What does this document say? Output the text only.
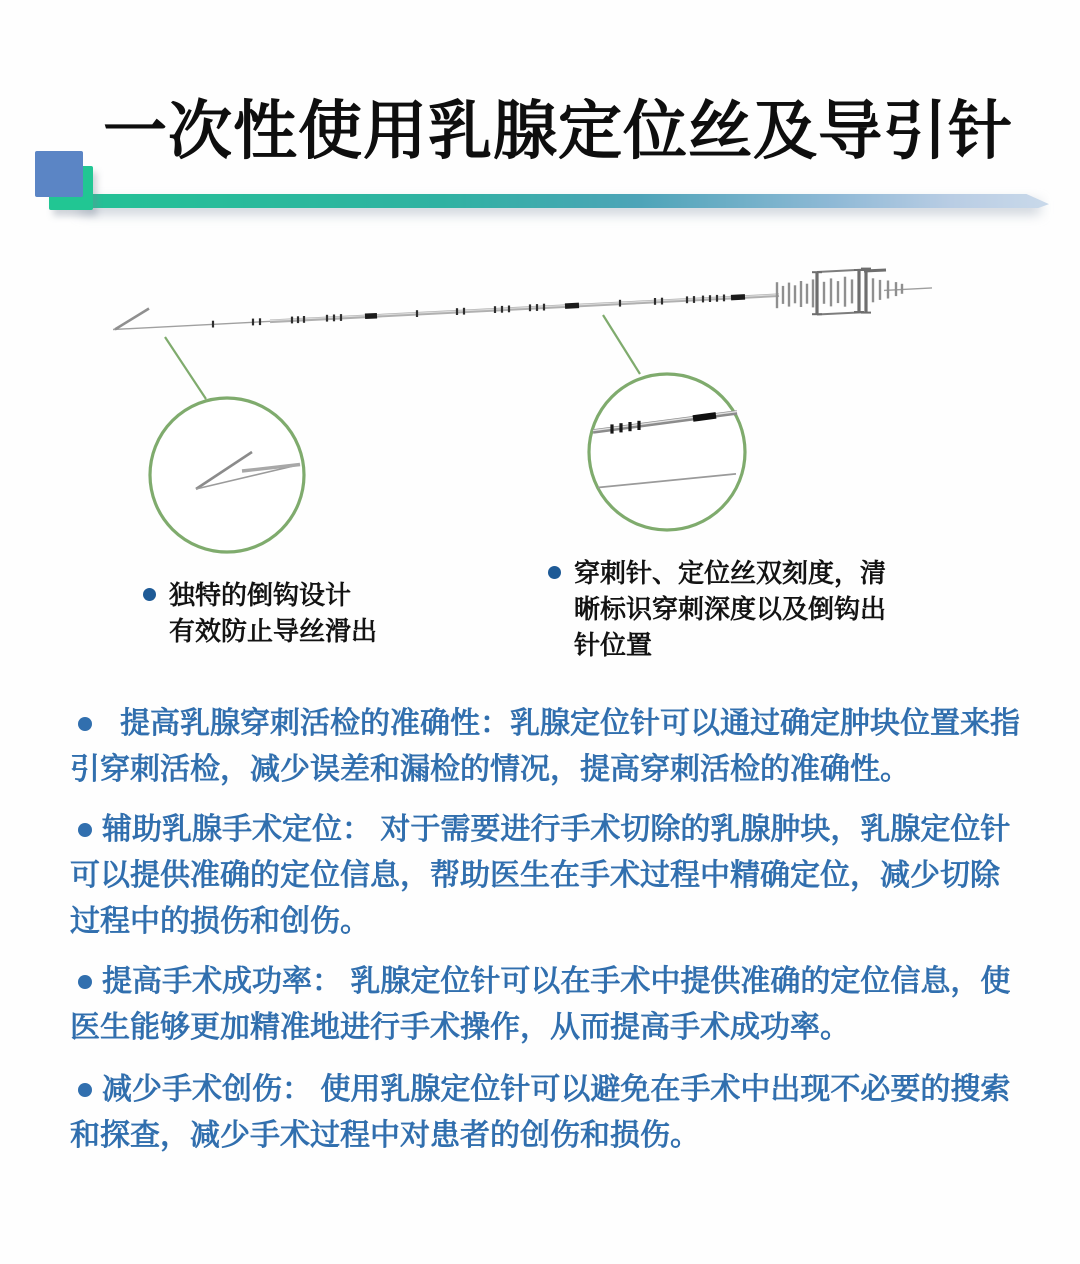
一次性使用乳腺定位丝及导引针
独特的倒钩设计
有效防止导丝滑出
穿刺针、定位丝双刻度，清
晰标识穿刺深度以及倒钩出
针位置
提高乳腺穿刺活检的准确性：乳腺定位针可以通过确定肿块位置来指
引穿刺活检，减少误差和漏检的情况，提高穿刺活检的准确性。
辅助乳腺手术定位： 对于需要进行手术切除的乳腺肿块，乳腺定位针
可以提供准确的定位信息，帮助医生在手术过程中精确定位，减少切除
过程中的损伤和创伤。
提高手术成功率： 乳腺定位针可以在手术中提供准确的定位信息，使
医生能够更加精准地进行手术操作，从而提高手术成功率。
减少手术创伤： 使用乳腺定位针可以避免在手术中出现不必要的搜索
和探查，减少手术过程中对患者的创伤和损伤。
